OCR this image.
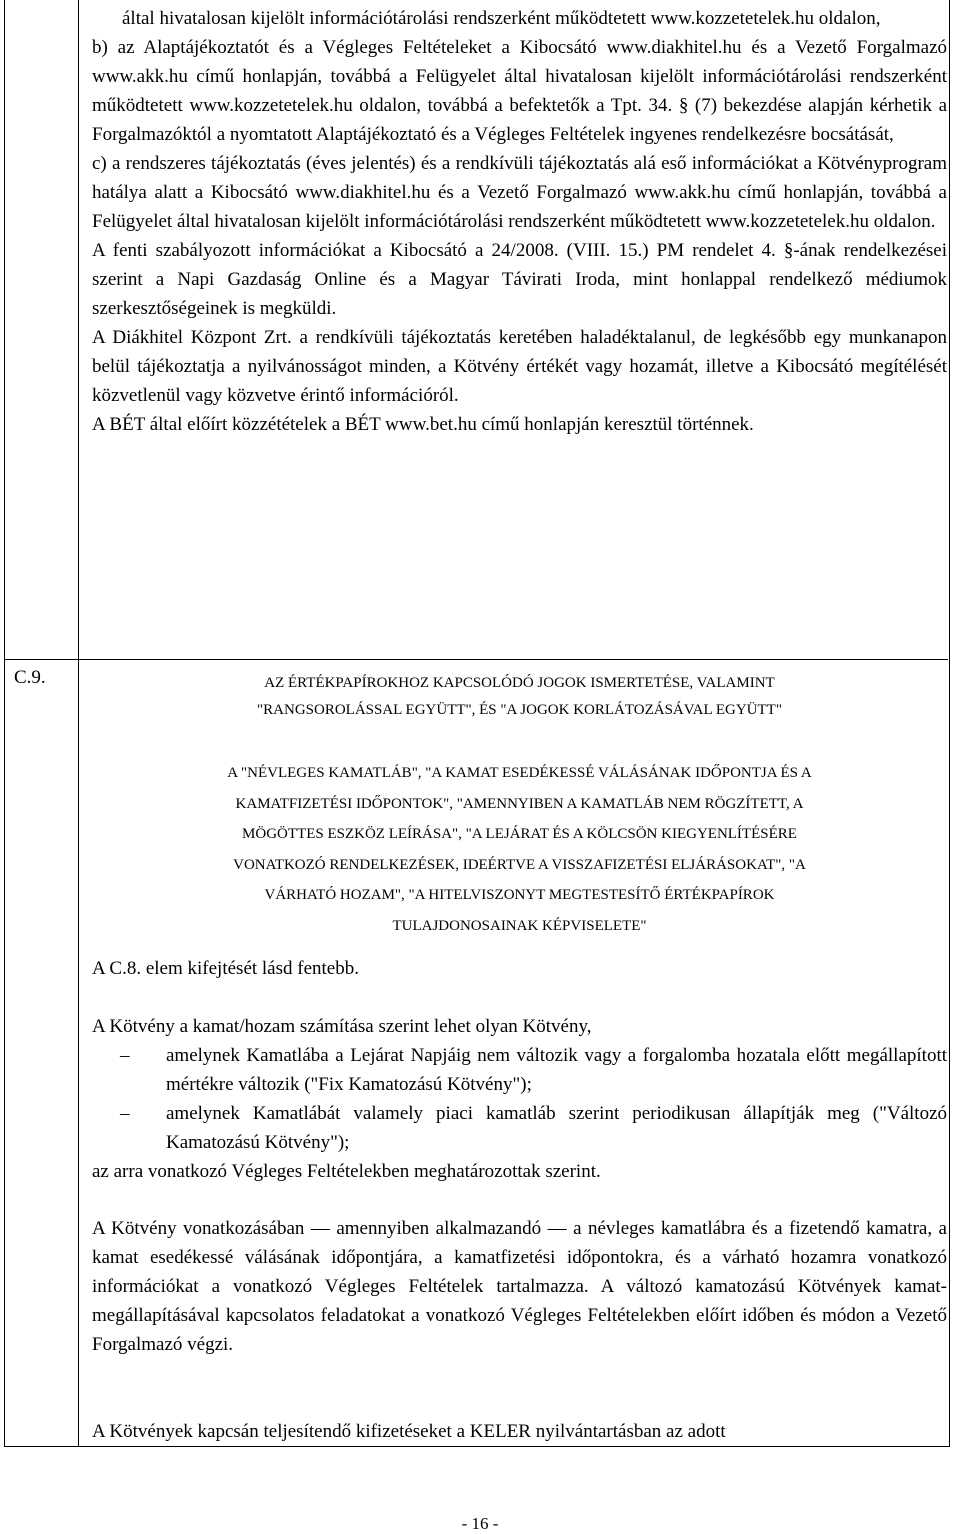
által hivatalosan kijelölt információtárolási rendszerként működtetett www.kozzetetelek.hu oldalon,

b) az Alaptájékoztatót és a Végleges Feltételeket a Kibocsátó www.diakhitel.hu és a Vezető Forgalmazó www.akk.hu című honlapján, továbbá a Felügyelet által hivatalosan kijelölt információtárolási rendszerként működtetett www.kozzetetelek.hu oldalon, továbbá a befektetők a Tpt. 34. § (7) bekezdése alapján kérhetik a Forgalmazóktól a nyomtatott Alaptájékoztató és a Végleges Feltételek ingyenes rendelkezésre bocsátását,

c) a rendszeres tájékoztatás (éves jelentés) és a rendkívüli tájékoztatás alá eső információkat a Kötvényprogram hatálya alatt a Kibocsátó www.diakhitel.hu és a Vezető Forgalmazó www.akk.hu című honlapján, továbbá a Felügyelet által hivatalosan kijelölt információtárolási rendszerként működtetett www.kozzetetelek.hu oldalon.

A fenti szabályozott információkat a Kibocsátó a 24/2008. (VIII. 15.) PM rendelet 4. §-ának rendelkezései szerint a Napi Gazdaság Online és a Magyar Távirati Iroda, mint honlappal rendelkező médiumok szerkesztőségeinek is megküldi.

A Diákhitel Központ Zrt. a rendkívüli tájékoztatás keretében haladéktalanul, de legkésőbb egy munkanapon belül tájékoztatja a nyilvánosságot minden, a Kötvény értékét vagy hozamát, illetve a Kibocsátó megítélését közvetlenül vagy közvetve érintő információról.

A BÉT által előírt közzétételek a BÉT www.bet.hu című honlapján keresztül történnek.

C.9.	AZ ÉRTÉKPAPÍROKHOZ KAPCSOLÓDÓ JOGOK ISMERTETÉSE, VALAMINT
"RANGSOROLÁSSAL EGYÜTT", ÉS "A JOGOK KORLÁTOZÁSÁVAL EGYÜTT"
A "NÉVLEGES KAMATLÁB", "A KAMAT ESEDÉKESSÉ VÁLÁSÁNAK IDŐPONTJA ÉS A
KAMATFIZETÉSI IDŐPONTOK", "AMENNYIBEN A KAMATLÁB NEM RÖGZÍTETT, A
MÖGÖTTES ESZKÖZ LEÍRÁSA", "A LEJÁRAT ÉS A KÖLCSÖN KIEGYENLÍTÉSÉRE
VONATKOZÓ RENDELKEZÉSEK, IDEÉRTVE A VISSZAFIZETÉSI ELJÁRÁSOKAT", "A
VÁRHATÓ HOZAM", "A HITELVISZONYT MEGTESTESÍTŐ ÉRTÉKPAPÍROK
TULAJDONOSAINAK KÉPVISELETE"
A C.8. elem kifejtését lásd fentebb.

A Kötvény a kamat/hozam számítása szerint lehet olyan Kötvény,

– amelynek Kamatlába a Lejárat Napjáig nem változik vagy a forgalomba hozatala előtt megállapított mértékre változik ("Fix Kamatozású Kötvény");
– amelynek Kamatlábát valamely piaci kamatláb szerint periodikusan állapítják meg ("Változó Kamatozású Kötvény");

az arra vonatkozó Végleges Feltételekben meghatározottak szerint.

A Kötvény vonatkozásában — amennyiben alkalmazandó — a névleges kamatlábra és a fizetendő kamatra, a kamat esedékessé válásának időpontjára, a kamatfizetési időpontokra, és a várható hozamra vonatkozó információkat a vonatkozó Végleges Feltételek tartalmazza. A változó kamatozású Kötvények kamat-megállapításával kapcsolatos feladatokat a vonatkozó Végleges Feltételekben előírt időben és módon a Vezető Forgalmazó végzi.
A Kötvények kapcsán teljesítendő kifizetéseket a KELER nyilvántartásban az adott
- 16 -
